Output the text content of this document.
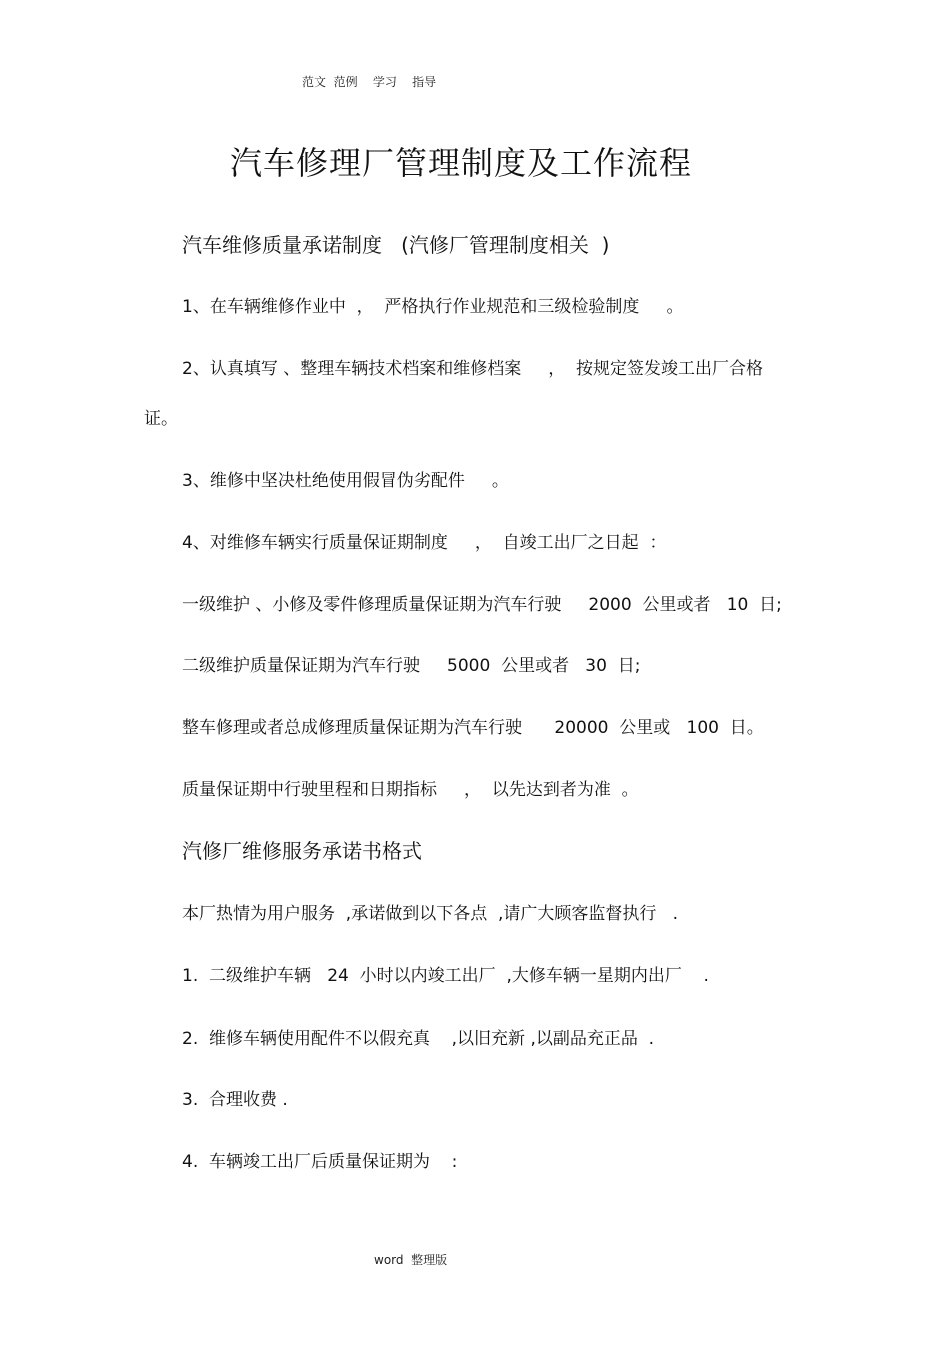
范文  范例    学习    指导
汽车修理厂管理制度及工作流程
汽车维修质量承诺制度   (汽修厂管理制度相关  )
1、在车辆维修作业中  ，  严格执行作业规范和三级检验制度     。
2、认真填写 、整理车辆技术档案和维修档案     ，  按规定签发竣工出厂合格
证。
3、维修中坚决杜绝使用假冒伪劣配件     。
4、对维修车辆实行质量保证期制度     ，  自竣工出厂之日起  ：
一级维护 、小修及零件修理质量保证期为汽车行驶     2000  公里或者   10  日;
二级维护质量保证期为汽车行驶     5000  公里或者   30  日;
整车修理或者总成修理质量保证期为汽车行驶      20000  公里或   100  日。
质量保证期中行驶里程和日期指标     ，  以先达到者为准  。
汽修厂维修服务承诺书格式
本厂热情为用户服务  ,承诺做到以下各点  ,请广大顾客监督执行   .
1.  二级维护车辆   24  小时以内竣工出厂  ,大修车辆一星期内出厂    .
2.  维修车辆使用配件不以假充真    ,以旧充新 ,以副品充正品  .
3.  合理收费 .
4.  车辆竣工出厂后质量保证期为    :
word  整理版
